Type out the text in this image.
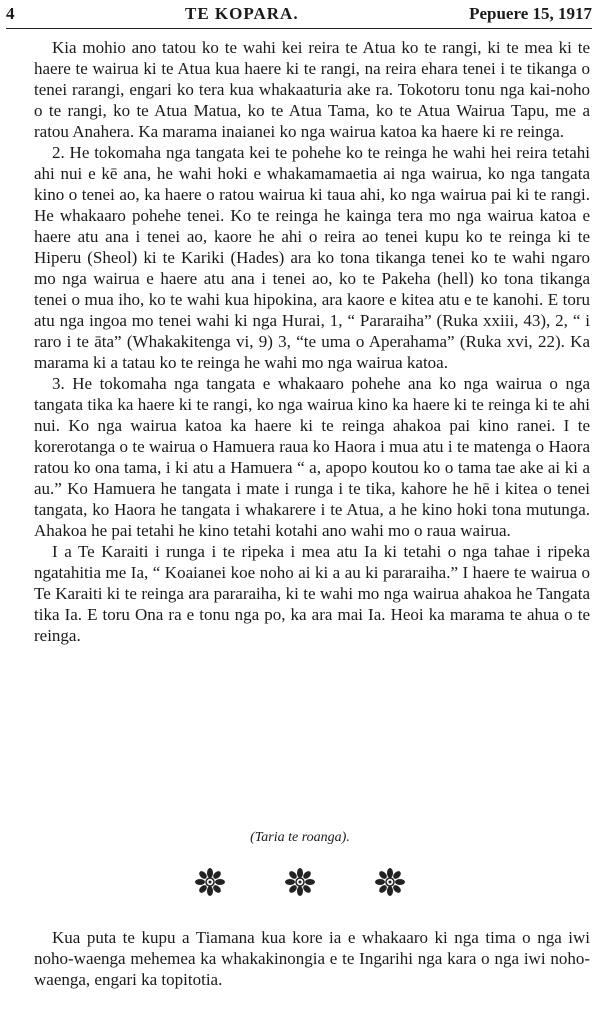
4	TE KOPARA.	Pepuere 15, 1917

Kia mohio ano tatou ko te wahi kei reira te Atua ko te rangi, ki te mea ki te haere te wairua ki te Atua kua haere ki te rangi, na reira ehara tenei i te tikanga o tenei rarangi, engari ko tera kua whakaaturia ake ra. Tokotoru tonu nga kai-noho o te rangi, ko te Atua Matua, ko te Atua Tama, ko te Atua Wairua Tapu, me a ratou Anahera. Ka marama inaianei ko nga wairua katoa ka haere ki re reinga.

2. He tokomaha nga tangata kei te pohehe ko te reinga he wahi hei reira tetahi ahi nui e kē ana, he wahi hoki e whakamamaetia ai nga wairua, ko nga tangata kino o tenei ao, ka haere o ratou wairua ki taua ahi, ko nga wairua pai ki te rangi. He whakaaro pohehe tenei. Ko te reinga he kainga tera mo nga wairua katoa e haere atu ana i tenei ao, kaore he ahi o reira ao tenei kupu ko te reinga ki te Hiperu (Sheol) ki te Kariki (Hades) ara ko tona tikanga tenei ko te wahi ngaro mo nga wairua e haere atu ana i tenei ao, ko te Pakeha (hell) ko tona tikanga tenei o mua iho, ko te wahi kua hipokina, ara kaore e kitea atu e te kanohi. E toru atu nga ingoa mo tenei wahi ki nga Hurai, 1, “ Pararaiha” (Ruka xxiii, 43), 2, “ i raro i te āta” (Whakakitenga vi, 9) 3, “te uma o Aperahama” (Ruka xvi, 22). Ka marama ki a tatau ko te reinga he wahi mo nga wairua katoa.

3. He tokomaha nga tangata e whakaaro pohehe ana ko nga wairua o nga tangata tika ka haere ki te rangi, ko nga wairua kino ka haere ki te reinga ki te ahi nui. Ko nga wairua katoa ka haere ki te reinga ahakoa pai kino ranei. I te korerotanga o te wairua o Hamuera raua ko Haora i mua atu i te matenga o Haora ratou ko ona tama, i ki atu a Hamuera “ a, apopo koutou ko o tama tae ake ai ki a au.” Ko Hamuera he tangata i mate i runga i te tika, kahore he hē i kitea o tenei tangata, ko Haora he tangata i whakarere i te Atua, a he kino hoki tona mutunga. Ahakoa he pai tetahi he kino tetahi kotahi ano wahi mo o raua wairua.

I a Te Karaiti i runga i te ripeka i mea atu Ia ki tetahi o nga tahae i ripeka ngatahitia me Ia, “ Koaianei koe noho ai ki a au ki pararaiha.” I haere te wairua o Te Karaiti ki te reinga ara pararaiha, ki te wahi mo nga wairua ahakoa he Tangata tika Ia. E toru Ona ra e tonu nga po, ka ara mai Ia. Heoi ka marama te ahua o te reinga.

(Taria te roanga).

Kua puta te kupu a Tiamana kua kore ia e whakaaro ki nga tima o nga iwi noho-waenga mehemea ka whakakinongia e te Ingarihi nga kara o nga iwi noho-waenga, engari ka topitotia.
